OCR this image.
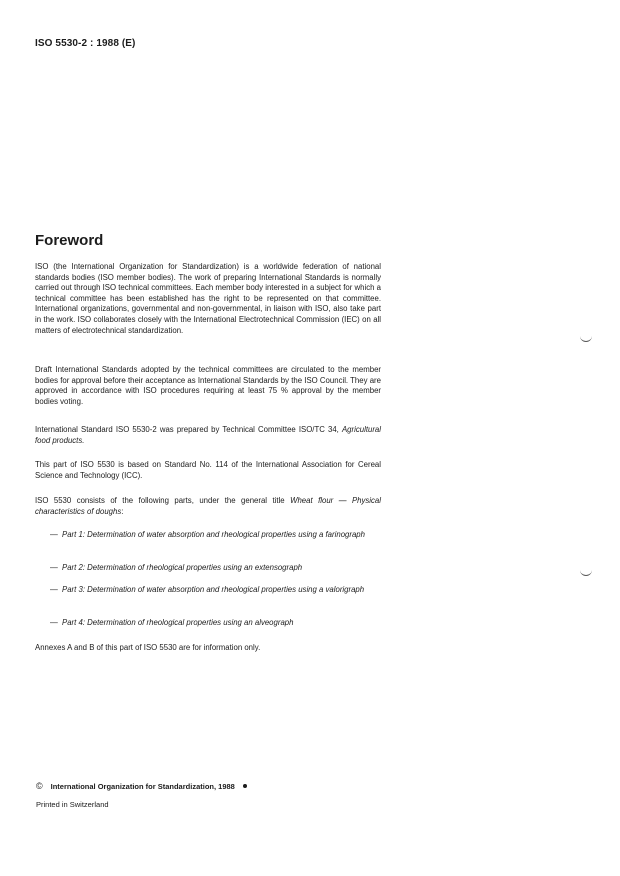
ISO 5530-2 : 1988 (E)
Foreword

ISO (the International Organization for Standardization) is a worldwide federation of national standards bodies (ISO member bodies). The work of preparing International Standards is normally carried out through ISO technical committees. Each member body interested in a subject for which a technical committee has been established has the right to be represented on that committee. International organizations, governmental and non-governmental, in liaison with ISO, also take part in the work. ISO collaborates closely with the International Electrotechnical Commission (IEC) on all matters of electrotechnical standardization.

Draft International Standards adopted by the technical committees are circulated to the member bodies for approval before their acceptance as International Standards by the ISO Council. They are approved in accordance with ISO procedures requiring at least 75 % approval by the member bodies voting.

International Standard ISO 5530-2 was prepared by Technical Committee ISO/TC 34, Agricultural food products.

This part of ISO 5530 is based on Standard No. 114 of the International Association for Cereal Science and Technology (ICC).

ISO 5530 consists of the following parts, under the general title Wheat flour — Physical characteristics of doughs:

— Part 1: Determination of water absorption and rheological properties using a farinograph

— Part 2: Determination of rheological properties using an extensograph

— Part 3: Determination of water absorption and rheological properties using a valorigraph

— Part 4: Determination of rheological properties using an alveograph

Annexes A and B of this part of ISO 5530 are for information only.

© International Organization for Standardization, 1988
Printed in Switzerland
